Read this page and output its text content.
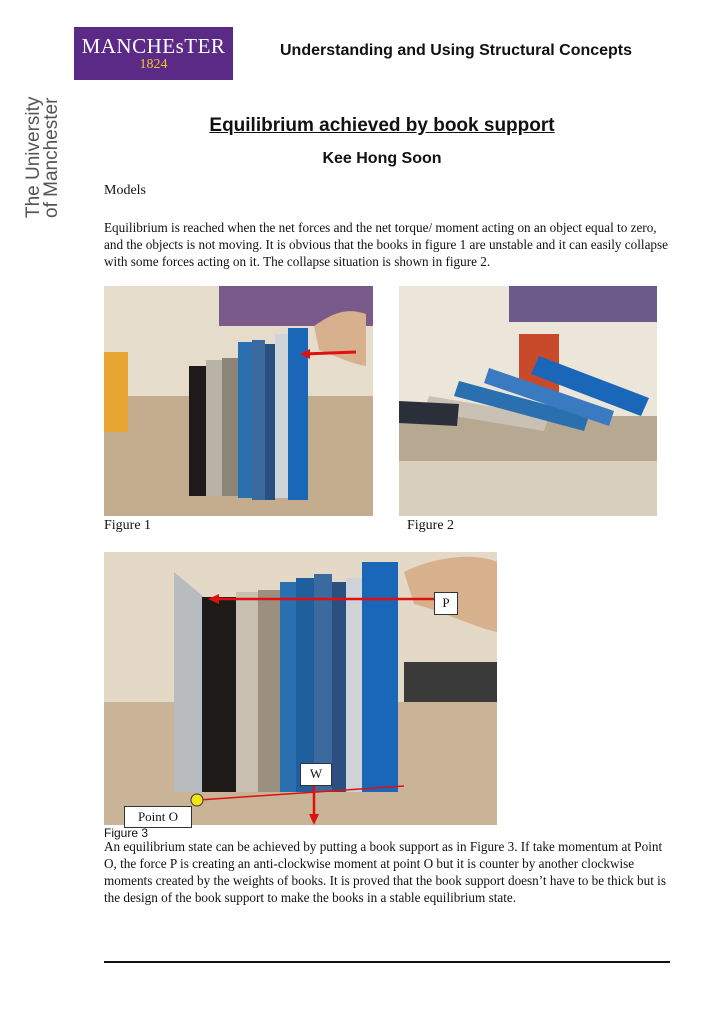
MANCHEsTER
1824
The University
of Manchester
Understanding and Using Structural Concepts
Equilibrium achieved by book support
Kee Hong Soon
Models
Equilibrium is reached when the net forces and the net torque/ moment acting on an object equal to zero, and the objects is not moving. It is obvious that the books in figure 1 are unstable and it can easily collapse with some forces acting on it. The collapse situation is shown in figure 2.
Figure 1	Figure 2
P
W
Point O
Figure 3
An equilibrium state can be achieved by putting a book support as in Figure 3. If take momentum at Point O, the force P is creating an anti-clockwise moment at point O but it is counter by another clockwise moments created by the weights of books. It is proved that the book support doesn’t have to be thick but is the design of the book support to make the books in a stable equilibrium state.
